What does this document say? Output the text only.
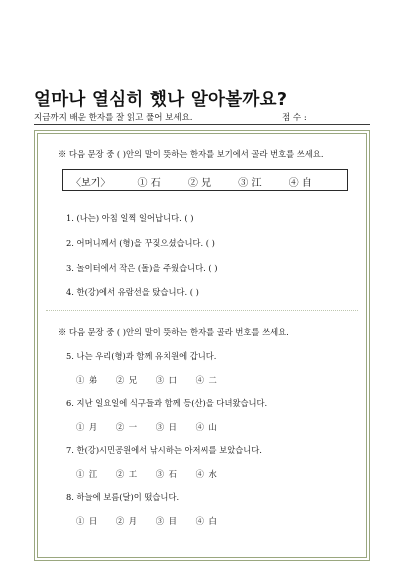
얼마나 열심히 했나 알아볼까요?
지금까지 배운 한자를 잘 읽고 풀어 보세요.	점 수 :
※ 다음 문장 중 ( )안의 말이 뜻하는 한자를 보기에서 골라 번호를 쓰세요.
〈보기〉	① 石	② 兄	③ 江	④ 自
1. (나는) 아침 일찍 일어납니다. ( )
2. 어머니께서 (형)을 꾸짖으셨습니다. ( )
3. 놀이터에서 작은 (돌)을 주웠습니다. ( )
4. 한(강)에서 유람선을 탔습니다. ( )
※ 다음 문장 중 ( )안의 말이 뜻하는 한자를 골라 번호를 쓰세요.
5. 나는 우리(형)과 함께 유치원에 갑니다.
① 弟 ② 兄 ③ 口 ④ 二
6. 지난 일요일에 식구들과 함께 등(산)을 다녀왔습니다.
① 月 ② 一 ③ 日 ④ 山
7. 한(강)시민공원에서 낚시하는 아저씨를 보았습니다.
① 江 ② 工 ③ 石 ④ 水
8. 하늘에 보름(달)이 떴습니다.
① 日 ② 月 ③ 目 ④ 白
